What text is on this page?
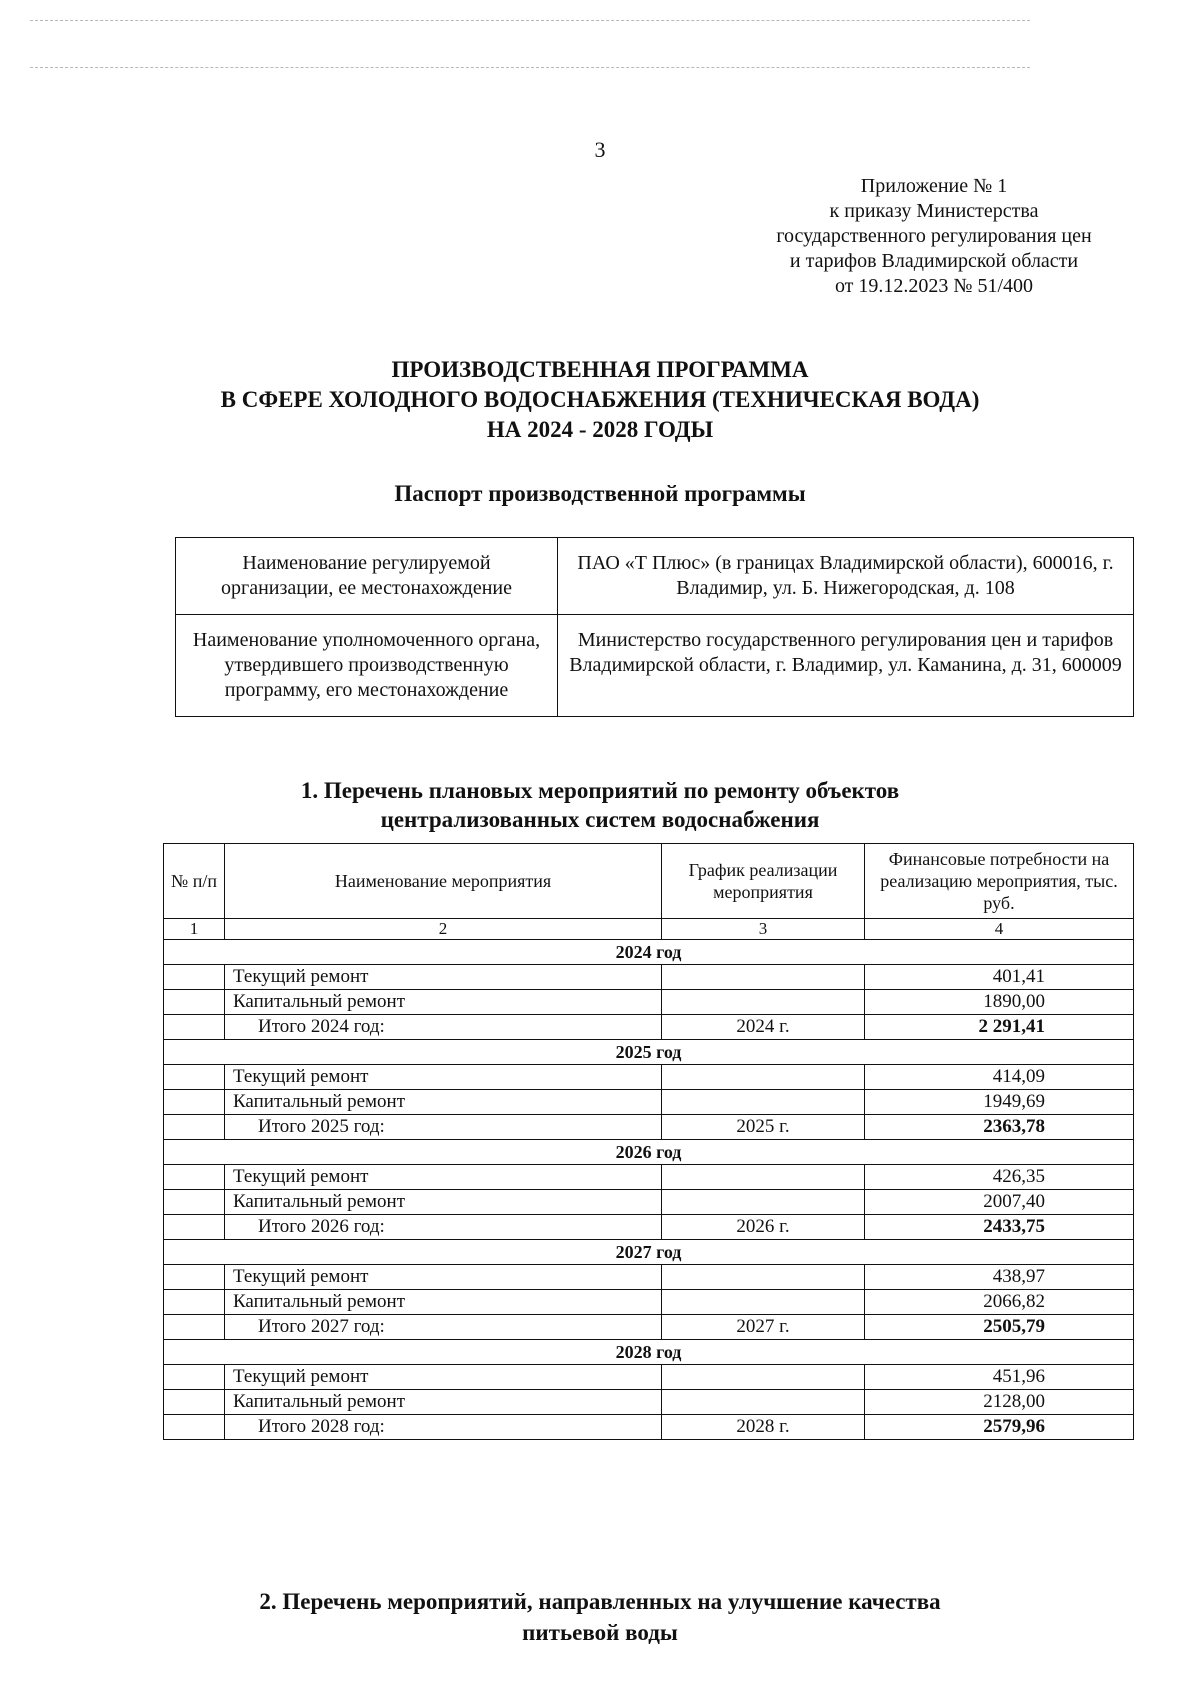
3
Приложение № 1
к приказу Министерства
государственного регулирования цен
и тарифов Владимирской области
от 19.12.2023 № 51/400
ПРОИЗВОДСТВЕННАЯ ПРОГРАММА
В СФЕРЕ ХОЛОДНОГО ВОДОСНАБЖЕНИЯ (ТЕХНИЧЕСКАЯ ВОДА)
НА 2024 - 2028 ГОДЫ
Паспорт производственной программы
Наименование регулируемой организации, ее местонахождение	ПАО «Т Плюс» (в границах Владимирской области), 600016, г. Владимир, ул. Б. Нижегородская, д. 108
Наименование уполномоченного органа, утвердившего производственную программу, его местонахождение	Министерство государственного регулирования цен и тарифов Владимирской области, г. Владимир, ул. Каманина, д. 31, 600009
1. Перечень плановых мероприятий по ремонту объектов
централизованных систем водоснабжения
№ п/п	Наименование мероприятия	График реализации мероприятия	Финансовые потребности на реализацию мероприятия, тыс. руб.
1	2	3	4
2024 год			
	Текущий ремонт		401,41
	Капитальный ремонт		1890,00
	Итого 2024 год:	2024 г.	2 291,41
2025 год			
	Текущий ремонт		414,09
	Капитальный ремонт		1949,69
	Итого 2025 год:	2025 г.	2363,78
2026 год			
	Текущий ремонт		426,35
	Капитальный ремонт		2007,40
	Итого 2026 год:	2026 г.	2433,75
2027 год			
	Текущий ремонт		438,97
	Капитальный ремонт		2066,82
	Итого 2027 год:	2027 г.	2505,79
2028 год			
	Текущий ремонт		451,96
	Капитальный ремонт		2128,00
	Итого 2028 год:	2028 г.	2579,96
2. Перечень мероприятий, направленных на улучшение качества
питьевой воды
